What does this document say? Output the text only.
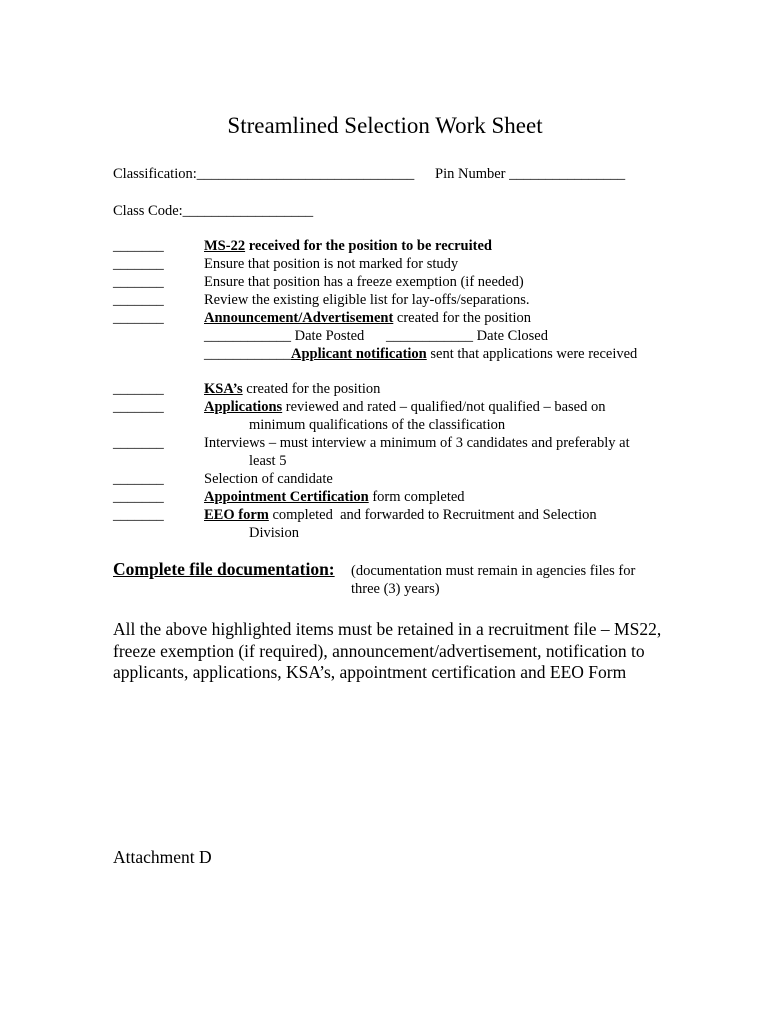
Streamlined Selection Work Sheet
Classification:______________________________ Pin Number ________________
Class Code:__________________
_______	MS-22 received for the position to be recruited
_______	Ensure that position is not marked for study
_______	Ensure that position has a freeze exemption (if needed)
_______	Review the existing eligible list for lay-offs/separations.
_______	Announcement/Advertisement created for the position
____________ Date Posted      ____________ Date Closed
____________Applicant notification sent that applications were received
_______	KSA’s created for the position
_______	Applications reviewed and rated – qualified/not qualified – based on
minimum qualifications of the classification
_______	Interviews – must interview a minimum of 3 candidates and preferably at
least 5
_______	Selection of candidate
_______	Appointment Certification form completed
_______	EEO form completed  and forwarded to Recruitment and Selection
Division
Complete file documentation: (documentation must remain in agencies files for
three (3) years)
All the above highlighted items must be retained in a recruitment file – MS22, freeze exemption (if required), announcement/advertisement, notification to applicants, applications, KSA’s, appointment certification and EEO Form
Attachment D
